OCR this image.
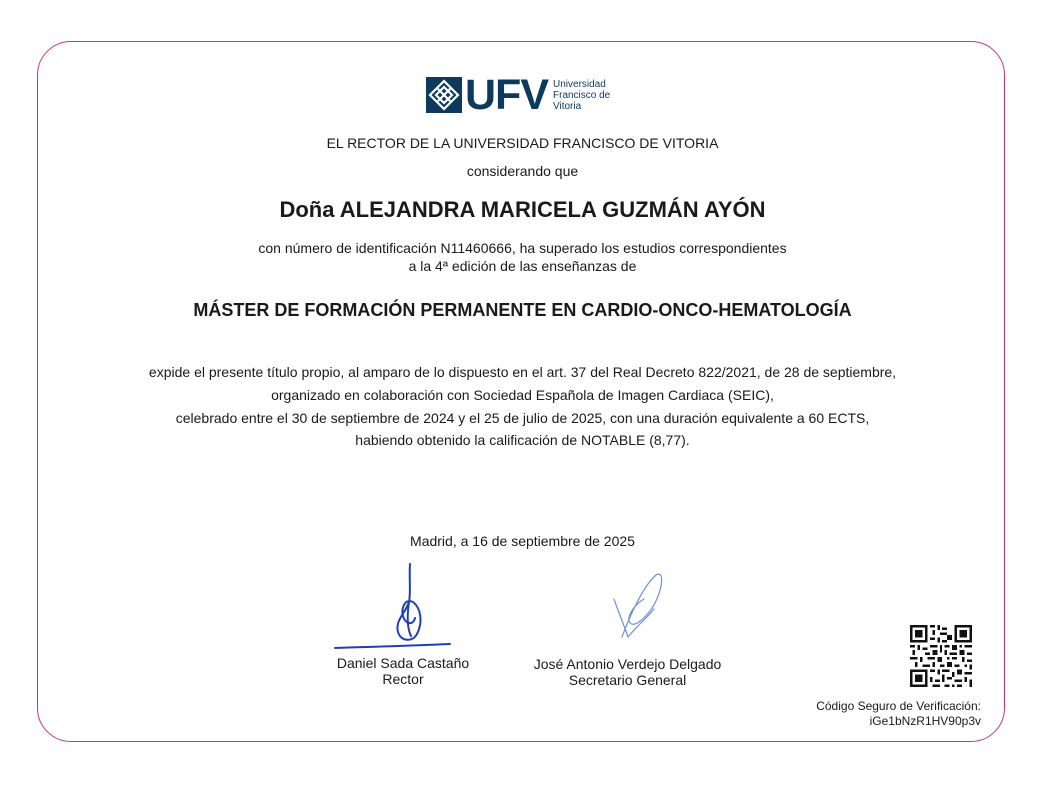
UFV Universidad
Francisco de
Vitoria
EL RECTOR DE LA UNIVERSIDAD FRANCISCO DE VITORIA
considerando que
Doña ALEJANDRA MARICELA GUZMÁN AYÓN
con número de identificación N11460666, ha superado los estudios correspondientes
a la 4ª edición de las enseñanzas de
MÁSTER DE FORMACIÓN PERMANENTE EN CARDIO-ONCO-HEMATOLOGÍA
expide el presente título propio, al amparo de lo dispuesto en el art. 37 del Real Decreto 822/2021, de 28 de septiembre,
organizado en colaboración con Sociedad Española de Imagen Cardiaca (SEIC),
celebrado entre el 30 de septiembre de 2024 y el 25 de julio de 2025, con una duración equivalente a 60 ECTS,
habiendo obtenido la calificación de NOTABLE (8,77).
Madrid, a 16 de septiembre de 2025
Daniel Sada Castaño
Rector
José Antonio Verdejo Delgado
Secretario General
Código Seguro de Verificación:
iGe1bNzR1HV90p3v
